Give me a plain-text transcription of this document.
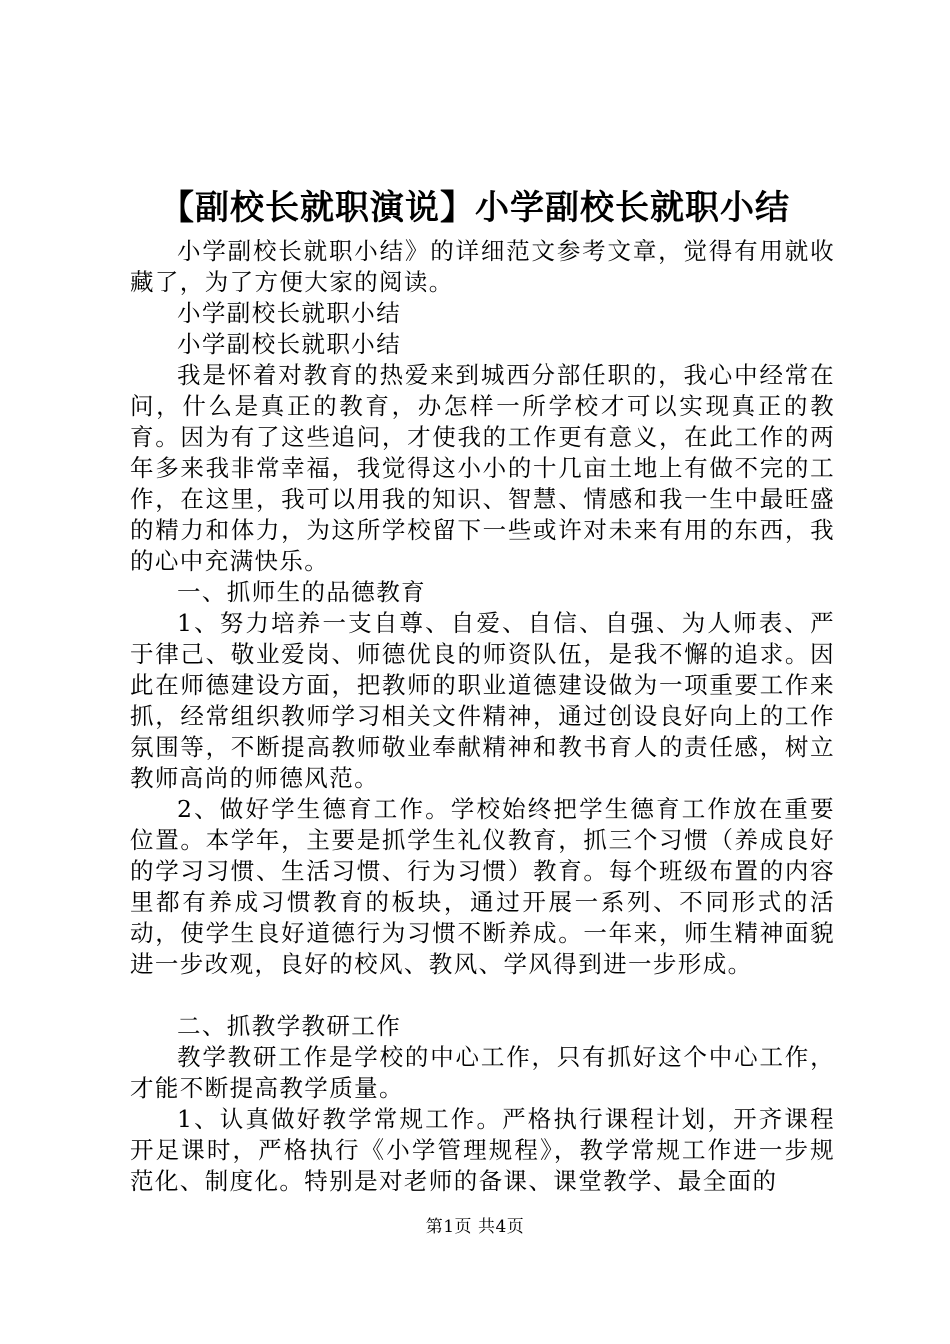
【副校长就职演说】小学副校长就职小结

小学副校长就职小结》的详细范文参考文章，觉得有用就收藏了，为了方便大家的阅读。

小学副校长就职小结

小学副校长就职小结

我是怀着对教育的热爱来到城西分部任职的，我心中经常在问，什么是真正的教育，办怎样一所学校才可以实现真正的教育。因为有了这些追问，才使我的工作更有意义，在此工作的两年多来我非常幸福，我觉得这小小的十几亩土地上有做不完的工作，在这里，我可以用我的知识、智慧、情感和我一生中最旺盛的精力和体力，为这所学校留下一些或许对未来有用的东西，我的心中充满快乐。

一、抓师生的品德教育

1、努力培养一支自尊、自爱、自信、自强、为人师表、严于律己、敬业爱岗、师德优良的师资队伍，是我不懈的追求。因此在师德建设方面，把教师的职业道德建设做为一项重要工作来抓，经常组织教师学习相关文件精神，通过创设良好向上的工作氛围等，不断提高教师敬业奉献精神和教书育人的责任感，树立教师高尚的师德风范。

2、做好学生德育工作。学校始终把学生德育工作放在重要位置。本学年，主要是抓学生礼仪教育，抓三个习惯（养成良好的学习习惯、生活习惯、行为习惯）教育。每个班级布置的内容里都有养成习惯教育的板块，通过开展一系列、不同形式的活动，使学生良好道德行为习惯不断养成。一年来，师生精神面貌进一步改观，良好的校风、教风、学风得到进一步形成。

二、抓教学教研工作

教学教研工作是学校的中心工作，只有抓好这个中心工作，才能不断提高教学质量。

1、认真做好教学常规工作。严格执行课程计划，开齐课程开足课时，严格执行《小学管理规程》，教学常规工作进一步规范化、制度化。特别是对老师的备课、课堂教学、最全面的

第1页 共4页
